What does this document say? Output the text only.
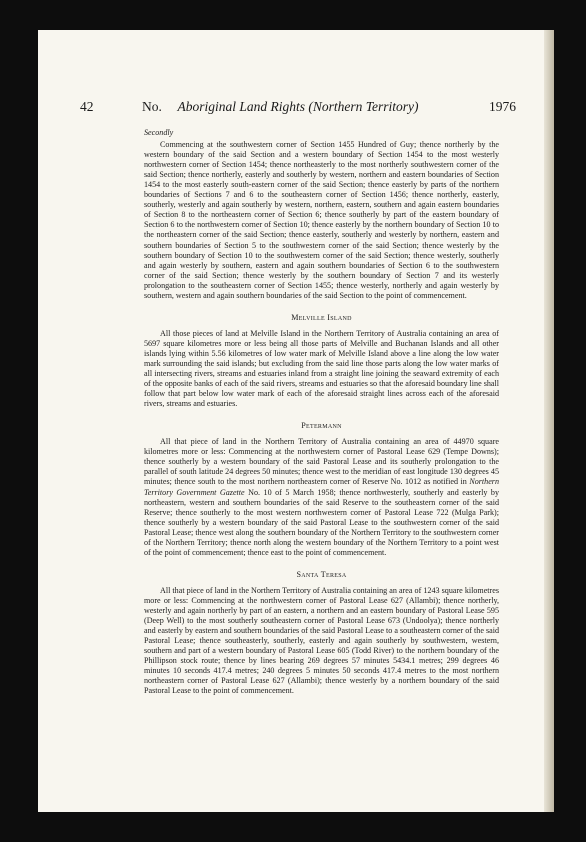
42	No.	Aboriginal Land Rights (Northern Territory)	1976

Secondly

Commencing at the southwestern corner of Section 1455 Hundred of Guy; thence northerly by the western boundary of the said Section and a western boundary of Section 1454 to the most westerly northwestern corner of Section 1454; thence northeasterly to the most northerly southwestern corner of the said Section; thence northerly, easterly and southerly by western, northern and eastern boundaries of Section 1454 to the most easterly south-eastern corner of the said Section; thence easterly by parts of the northern boundaries of Sections 7 and 6 to the southeastern corner of Section 1456; thence northerly, easterly, southerly, westerly and again southerly by western, northern, eastern, southern and again eastern boundaries of Section 8 to the northeastern corner of Section 6; thence southerly by part of the eastern boundary of Section 6 to the northwestern corner of Section 10; thence easterly by the northern boundary of Section 10 to the northeastern corner of the said Section; thence easterly, southerly and westerly by northern, eastern and southern boundaries of Section 5 to the southwestern corner of the said Section; thence westerly by the southern boundary of Section 10 to the southwestern corner of the said Section; thence westerly, southerly and again westerly by southern, eastern and again southern boundaries of Section 6 to the southwestern corner of the said Section; thence westerly by the southern boundary of Section 7 and its westerly prolongation to the southeastern corner of Section 1455; thence westerly, northerly and again westerly by southern, western and again southern boundaries of the said Section to the point of commencement.

Melville Island

All those pieces of land at Melville Island in the Northern Territory of Australia containing an area of 5697 square kilometres more or less being all those parts of Melville and Buchanan Islands and all other islands lying within 5.56 kilometres of low water mark of Melville Island above a line along the low water mark surrounding the said islands; but excluding from the said line those parts along the low water marks of all intersecting rivers, streams and estuaries inland from a straight line joining the seaward extremity of each of the opposite banks of each of the said rivers, streams and estuaries so that the aforesaid boundary line shall follow that part below low water mark of each of the aforesaid straight lines across each of the aforesaid rivers, streams and estuaries.

Petermann

All that piece of land in the Northern Territory of Australia containing an area of 44970 square kilometres more or less: Commencing at the northwestern corner of Pastoral Lease 629 (Tempe Downs); thence southerly by a western boundary of the said Pastoral Lease and its southerly prolongation to the parallel of south latitude 24 degrees 50 minutes; thence west to the meridian of east longitude 130 degrees 45 minutes; thence south to the most northern northeastern corner of Reserve No. 1012 as notified in Northern Territory Government Gazette No. 10 of 5 March 1958; thence northwesterly, southerly and easterly by northeastern, western and southern boundaries of the said Reserve to the southeastern corner of the said Reserve; thence southerly to the most western northwestern corner of Pastoral Lease 722 (Mulga Park); thence southerly by a western boundary of the said Pastoral Lease to the southwestern corner of the said Pastoral Lease; thence west along the southern boundary of the Northern Territory to the southwestern corner of the Northern Territory; thence north along the western boundary of the Northern Territory to a point west of the point of commencement; thence east to the point of commencement.

Santa Teresa

All that piece of land in the Northern Territory of Australia containing an area of 1243 square kilometres more or less: Commencing at the northwestern corner of Pastoral Lease 627 (Allambi); thence northerly, westerly and again northerly by part of an eastern, a northern and an eastern boundary of Pastoral Lease 595 (Deep Well) to the most southerly southeastern corner of Pastoral Lease 673 (Undoolya); thence northerly and easterly by eastern and southern boundaries of the said Pastoral Lease to a southeastern corner of the said Pastoral Lease; thence southeasterly, southerly, easterly and again southerly by southwestern, western, southern and part of a western boundary of Pastoral Lease 605 (Todd River) to the northern boundary of the Phillipson stock route; thence by lines bearing 269 degrees 57 minutes 5434.1 metres; 299 degrees 46 minutes 10 seconds 417.4 metres; 240 degrees 5 minutes 50 seconds 417.4 metres to the most northern northeastern corner of Pastoral Lease 627 (Allambi); thence westerly by a northern boundary of the said Pastoral Lease to the point of commencement.
